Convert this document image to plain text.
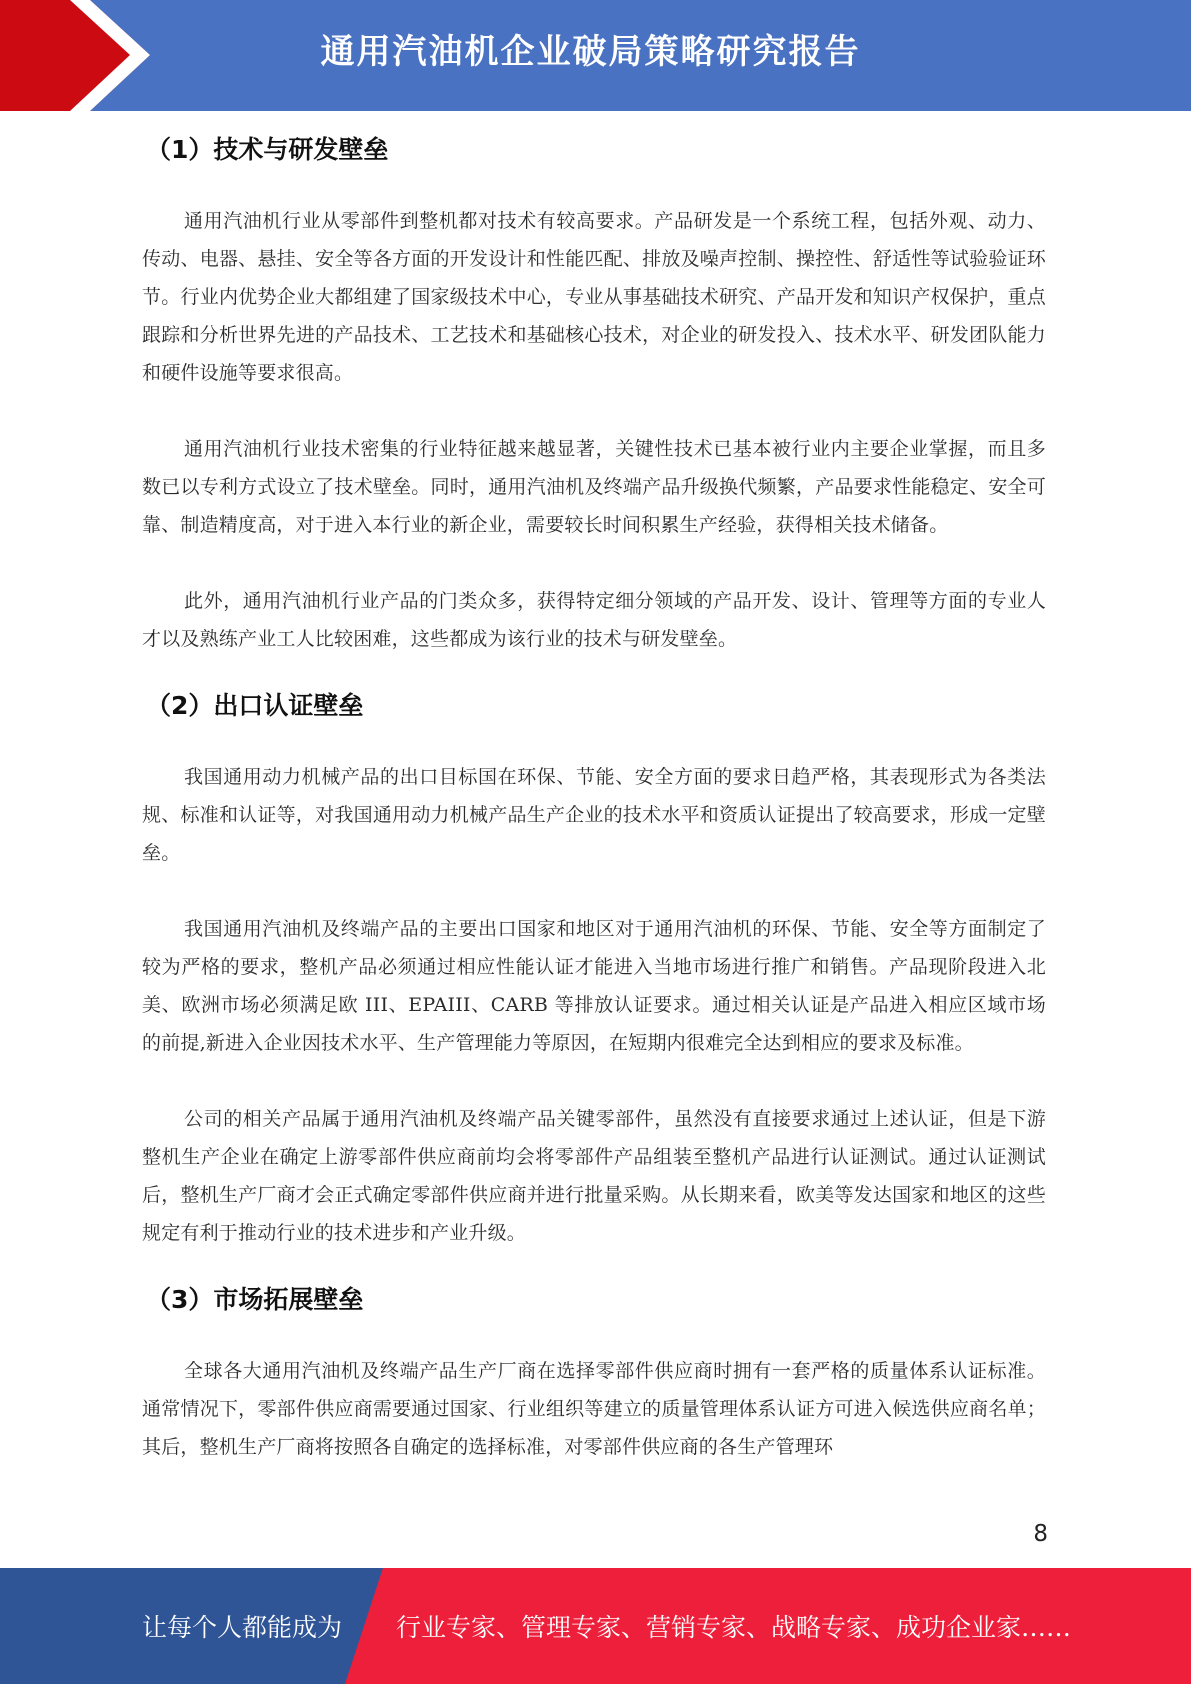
通用汽油机企业破局策略研究报告
（1）技术与研发壁垒

通用汽油机行业从零部件到整机都对技术有较高要求。产品研发是一个系统工程，包括外观、动力、传动、电器、悬挂、安全等各方面的开发设计和性能匹配、排放及噪声控制、操控性、舒适性等试验验证环节。行业内优势企业大都组建了国家级技术中心，专业从事基础技术研究、产品开发和知识产权保护，重点跟踪和分析世界先进的产品技术、工艺技术和基础核心技术，对企业的研发投入、技术水平、研发团队能力和硬件设施等要求很高。

通用汽油机行业技术密集的行业特征越来越显著，关键性技术已基本被行业内主要企业掌握，而且多数已以专利方式设立了技术壁垒。同时，通用汽油机及终端产品升级换代频繁，产品要求性能稳定、安全可靠、制造精度高，对于进入本行业的新企业，需要较长时间积累生产经验，获得相关技术储备。

此外，通用汽油机行业产品的门类众多，获得特定细分领域的产品开发、设计、管理等方面的专业人才以及熟练产业工人比较困难，这些都成为该行业的技术与研发壁垒。

（2）出口认证壁垒

我国通用动力机械产品的出口目标国在环保、节能、安全方面的要求日趋严格，其表现形式为各类法规、标准和认证等，对我国通用动力机械产品生产企业的技术水平和资质认证提出了较高要求，形成一定壁垒。

我国通用汽油机及终端产品的主要出口国家和地区对于通用汽油机的环保、节能、安全等方面制定了较为严格的要求，整机产品必须通过相应性能认证才能进入当地市场进行推广和销售。产品现阶段进入北美、欧洲市场必须满足欧 III、EPAIII、CARB 等排放认证要求。通过相关认证是产品进入相应区域市场的前提,新进入企业因技术水平、生产管理能力等原因，在短期内很难完全达到相应的要求及标准。

公司的相关产品属于通用汽油机及终端产品关键零部件，虽然没有直接要求通过上述认证，但是下游整机生产企业在确定上游零部件供应商前均会将零部件产品组装至整机产品进行认证测试。通过认证测试后，整机生产厂商才会正式确定零部件供应商并进行批量采购。从长期来看，欧美等发达国家和地区的这些规定有利于推动行业的技术进步和产业升级。

（3）市场拓展壁垒

全球各大通用汽油机及终端产品生产厂商在选择零部件供应商时拥有一套严格的质量体系认证标准。通常情况下，零部件供应商需要通过国家、行业组织等建立的质量管理体系认证方可进入候选供应商名单；其后，整机生产厂商将按照各自确定的选择标准，对零部件供应商的各生产管理环

8
让每个人都能成为 行业专家、管理专家、营销专家、战略专家、成功企业家……
